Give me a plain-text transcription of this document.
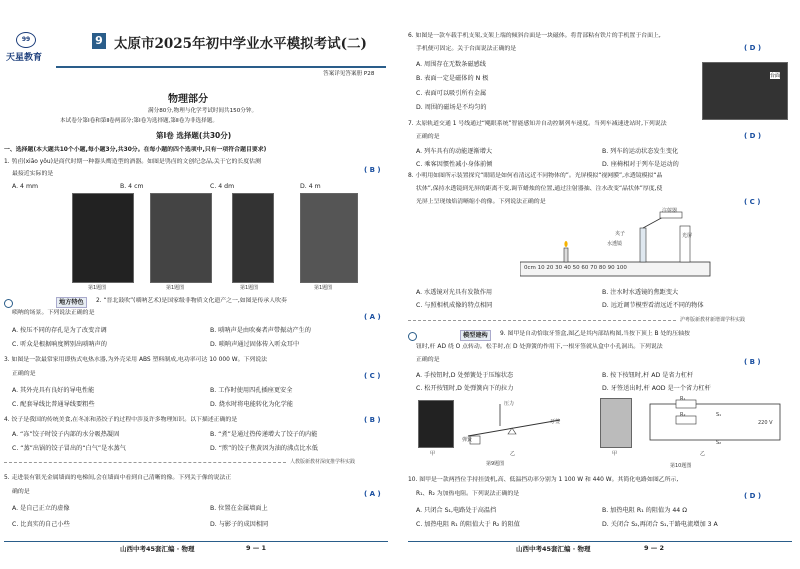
99
天星教育
9 太原市2025年初中学业水平模拟考试(二)
答案详见答案册 P28
物理部分
满分80分,物理与化学考试时间共150分钟。
本试卷分第Ⅰ卷和第Ⅱ卷两部分;第Ⅰ卷为选择题,第Ⅱ卷为非选择题。
第Ⅰ卷 选择题(共30分)
一、选择题(本大题共10个小题,每小题3分,共30分。在每小题的四个选项中,只有一项符合题目要求)
1. 鸮卣(xiāo yǒu)是商代时期一种器头鹰造型的酒器。如图是鸮卣的文创纪念品,关于它的长度估测
最接近实际的是	( B )
A. 4 mm	B. 4 cm	C. 4 dm	D. 4 m
第1题图	第1题图	第1题图	第1题图
地方特色	2. “晋北鼓吹”(唢呐艺术)是国家级非物质文化遗产之一,如图是传承人吹奏
唢呐的场景。下列说法正确的是	( A )
A. 按压不同的存孔是为了改变音调	B. 唢呐声是由吹奏者声带振动产生的
C. 听众是根据响度辨别出唢呐声的	D. 唢呐声通过固体传入听众耳中
3. 如图是一款最常家用即热式电热水器,为外壳采用 ABS 塑料制成,电功率可达 10 000 W。下列说法
正确的是	( C )
A. 其外壳具有良好的导电性能	B. 工作时使用四孔插座更安全
C. 配套导线比普通导线要粗些	D. 烧水时将电能转化为化学能
4. 饺子是我国的传统美食,在冬冻和蒸饺子的过程中涉及许多物理知识。以下描述正确的是	( B )
A. “冻”饺子时饺子内部的水分吸热凝固	B. “煮”是通过热传递增大了饺子的内能
C. “蒸”出锅的饺子冒出的“白气”是水蒸气	D. “煎”的饺子焦黄因为油的沸点比水低
人教版新教材深度推学科实践
5. 走进装有银光金属墙面的电梯间,会在墙面中看到自己清晰的像。下列关于像的说法正
确的是	( A )
A. 是自己正立的虚像	B. 位置在金属墙面上
C. 比真实的自己小些	D. 与影子的成因相同
山西中考45套汇编 · 物理	9 — 1
6. 如图是一款车载手机支架,支架上端的倾斜台面是一块磁体。将背部粘有铁片的手机置于台面上,
手机便可固定。关于台面说法正确的是	( D )
A. 周围存在无数条磁感线
B. 表面一定是磁体的 N 极
C. 表面可以吸引所有金属
D. 周围的磁场是不均匀的
台面
7. 太原轨道交通 1 号线通过“飓眼系统”智能感知并自动控制列车速度。当列车减速进站时,下列说法
正确的是	( D )
A. 列车具有的动能逐渐增大	B. 列车的运动状态发生变化
C. 乘客因惯性减小身体前倾	D. 座椅相对于列车是运动的
8. 小明用如图所示装置探究“眼睛是如何看清远近不同物体的”。光屏模拟“视网膜”,水透镜模拟“晶
状体”,保持水透镜到光屏的距离不变,调节蜡烛的位置,通过注射器抽、注水改变“晶状体”厚度,使
光屏上呈现烛焰清晰缩小的像。下列说法正确的是	( C )
注射器
夹子
水透镜
光屏
0cm 10 20 30 40 50 60 70 80 90 100
A. 水透镜对光具有发散作用	B. 注水时水透镜的焦距变大
C. 与照相机成像的特点相同	D. 远近调节模型看清远近不同的物体
沪粤版新教材新增课学科实践
模型建构	9. 图甲是自动恰取牙签盒,图乙是其内部结构图,当按下顶上 B 处的压轴按
钮时,杆 AD 绕 O 点转动。松手时,在 D 处弹簧的作用下,一根牙签就从盒中小孔洞出。下列说法
正确的是	( B )
A. 手按钮时,D 处弹簧处于压缩状态	B. 按下按钮时,杆 AD 是省力杠杆
C. 松开按钮时,D 处弹簧向下的拉力	D. 牙签送出时,杆 AOD 是一个省力杠杆
压力
弹簧
牙签
甲	乙
第9题图
R₁
R₂
220 V
S₁
S₂
甲	乙
第10题图
10. 图甲是一款两挡位手持挂烫机,高、低温挡功率分别为 1 100 W 和 440 W。其简化电路如图乙所示,
R₁、R₂ 为加热电阻。下列说法正确的是	( D )
A. 只闭合 S₁,电路处于高温挡	B. 加热电阻 R₁ 的阻值为 44 Ω
C. 加热电阻 R₁ 的阻值大于 R₂ 的阻值	D. 关闭合 S₂,再闭合 S₁,干路电流增加 3 A
山西中考45套汇编 · 物理	9 — 2
